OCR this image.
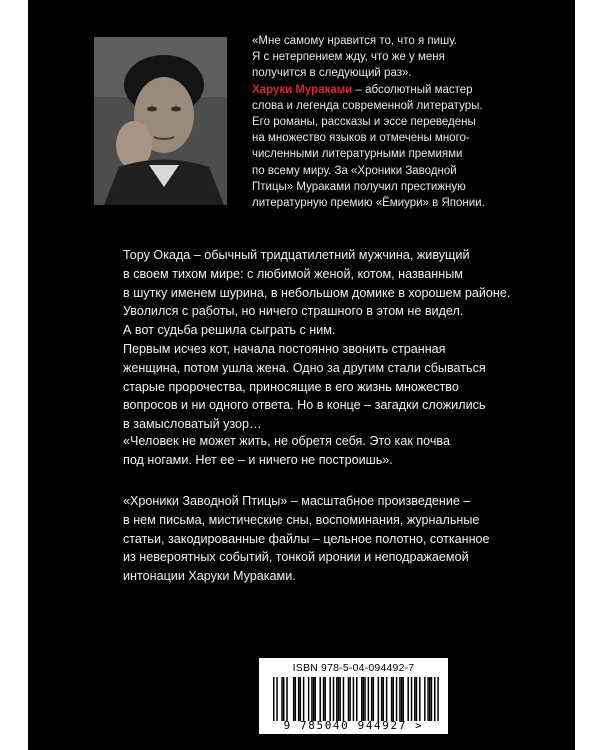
«Мне самому нравится то, что я пишу.
Я с нетерпением жду, что же у меня
получится в следующий раз».
Харуки Мураками – абсолютный мастер
слова и легенда современной литературы.
Его романы, рассказы и эссе переведены
на множество языков и отмечены много-
численными литературными премиями
по всему миру. За «Хроники Заводной
Птицы» Мураками получил престижную
литературную премию «Ёмиури» в Японии.
Тору Окада – обычный тридцатилетний мужчина, живущий
в своем тихом мире: с любимой женой, котом, названным
в шутку именем шурина, в небольшом домике в хорошем районе.
Уволился с работы, но ничего страшного в этом не видел.
А вот судьба решила сыграть с ним.
Первым исчез кот, начала постоянно звонить странная
женщина, потом ушла жена. Одно за другим стали сбываться
старые пророчества, приносящие в его жизнь множество
вопросов и ни одного ответа. Но в конце – загадки сложились
в замысловатый узор…
«Человек не может жить, не обретя себя. Это как почва
под ногами. Нет ее – и ничего не построишь».
«Хроники Заводной Птицы» – масштабное произведение –
в нем письма, мистические сны, воспоминания, журнальные
статьи, закодированные файлы – цельное полотно, сотканное
из невероятных событий, тонкой иронии и неподражаемой
интонации Харуки Мураками.
ISBN 978-5-04-094492-7
9 785040 944927 >
